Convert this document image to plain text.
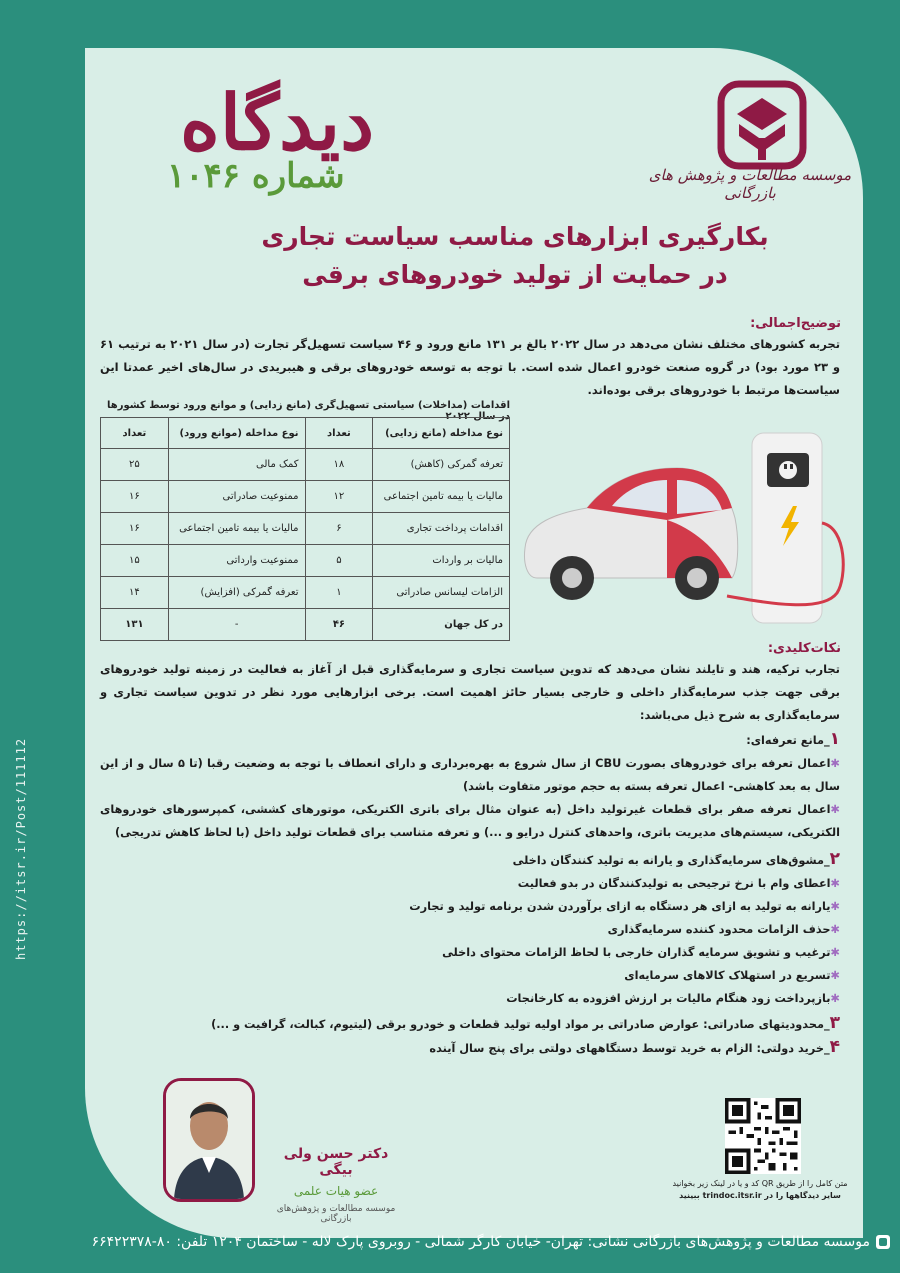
https://itsr.ir/Post/111112
دیدگاه
شماره ۱۰۴۶	موسسه مطالعات و پژوهش های بازرگانی
بکارگیری ابزارهای مناسب سیاست تجاری
در حمایت از تولید خودروهای برقی
توضیح‌اجمالی:
تجربه کشورهای مختلف نشان می‌دهد در سال ۲۰۲۲ بالغ بر ۱۳۱ مانع ورود و ۴۶ سیاست تسهیل‌گر تجارت (در سال ۲۰۲۱ به ترتیب ۶۱ و ۲۳ مورد بود) در گروه صنعت خودرو اعمال شده است. با توجه به توسعه خودروهای برقی و هیبریدی در سال‌های اخیر عمدتا این سیاست‌ها مرتبط با خودروهای برقی بوده‌اند.
اقدامات (مداخلات) سیاستی تسهیل‌گری (مانع زدایی) و موانع ورود توسط کشورها در سال ۲۰۲۲
نوع مداخله (مانع زدایی)	تعداد	نوع مداخله (موانع ورود)	تعداد
تعرفه گمرکی (کاهش)	۱۸	کمک مالی	۲۵
مالیات یا بیمه تامین اجتماعی	۱۲	ممنوعیت صادراتی	۱۶
اقدامات پرداخت تجاری	۶	مالیات یا بیمه تامین اجتماعی	۱۶
مالیات بر واردات	۵	ممنوعیت وارداتی	۱۵
الزامات لیسانس صادراتی	۱	تعرفه گمرکی (افزایش)	۱۴
در کل جهان	۴۶	-	۱۳۱
نکات‌کلیدی:
تجارب ترکیه، هند و تایلند نشان می‌دهد که تدوین سیاست تجاری و سرمایه‌گذاری قبل از آغاز به فعالیت در زمینه تولید خودروهای برقی جهت جذب سرمایه‌گذار داخلی و خارجی بسیار حائز اهمیت است. برخی ابزارهایی مورد نظر در تدوین سیاست تجاری و سرمایه‌گذاری به شرح ذیل می‌باشد:
۱_مانع تعرفه‌ای:
✱اعمال تعرفه برای خودروهای بصورت CBU از سال شروع به بهره‌برداری و دارای انعطاف با توجه به وضعیت رقبا (تا ۵ سال و از این سال به بعد کاهشی- اعمال تعرفه بسته به حجم موتور متفاوت باشد)
✱اعمال تعرفه صفر برای قطعات غیرتولید داخل (به عنوان مثال برای باتری الکتریکی، موتورهای کششی، کمپرسورهای خودروهای الکتریکی، سیستم‌های مدیریت باتری، واحدهای کنترل درایو و ...) و تعرفه متناسب برای قطعات تولید داخل (با لحاظ کاهش تدریجی)
۲_مشوق‌های سرمایه‌گذاری و یارانه به تولید کنندگان داخلی
✱اعطای وام با نرخ ترجیحی به تولیدکنندگان در بدو فعالیت
✱یارانه به تولید به ازای هر دستگاه به ازای برآوردن شدن برنامه تولید و تجارت
✱حذف الزامات محدود کننده سرمایه‌گذاری
✱ترغیب و تشویق سرمایه گذاران خارجی با لحاظ الزامات محتوای داخلی
✱تسریع در استهلاک کالاهای سرمایه‌ای
✱بازپرداخت زود هنگام مالیات بر ارزش افزوده به کارخانجات
۳_محدودیتهای صادراتی: عوارض صادراتی بر مواد اولیه تولید قطعات و خودرو برقی (لیتیوم، کبالت، گرافیت و ...)
۴_خرید دولتی: الزام به خرید توسط دستگاههای دولتی برای پنج سال آینده
دکتر حسن ولی بیگی
عضو هیات علمی
موسسه مطالعات و پژوهش‌های بازرگانی
متن کامل را از طریق QR کد و یا در لینک زیر بخوانید
سایر دیدگاهها را در trindoc.itsr.ir ببینید
موسسه مطالعات و پژوهش‌های بازرگانی نشانی: تهران- خیابان کارگر شمالی - روبروی پارک لاله - ساختمان ۱۲۰۴ تلفن: ۸۰-۶۶۴۲۲۳۷۸
